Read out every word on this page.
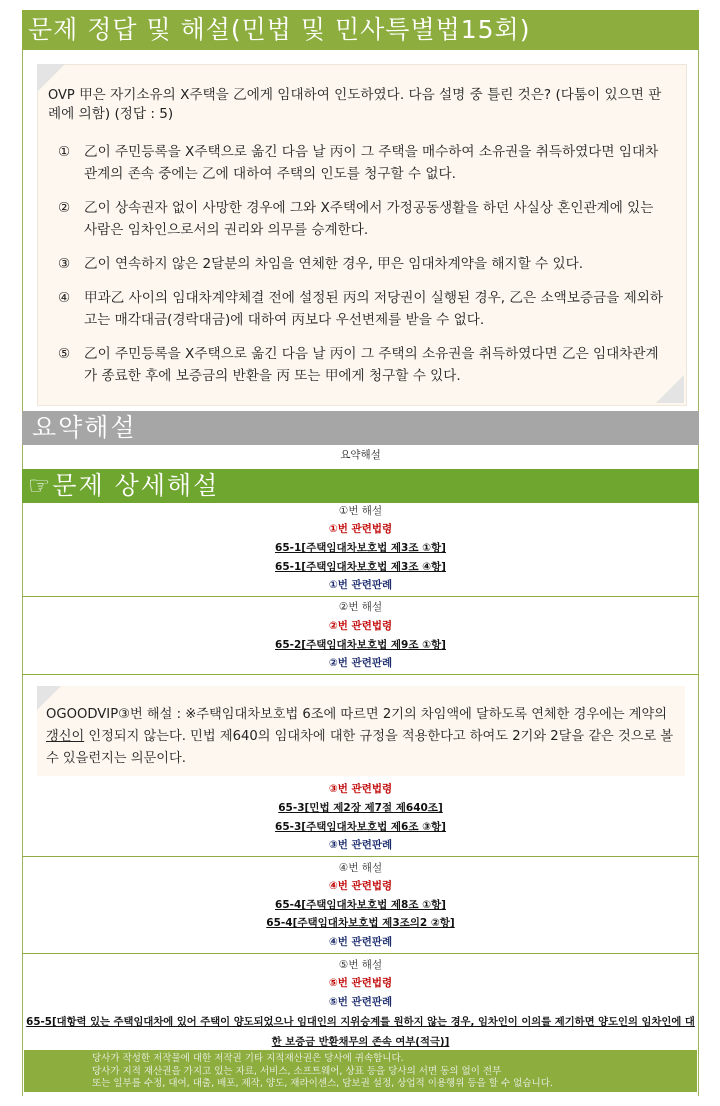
문제 정답 및 해설(민법 및 민사특별법15회)
OVP 甲은 자기소유의 X주택을 乙에게 임대하여 인도하였다. 다음 설명 중 틀린 것은? (다툼이 있으면 판례에 의함) (정답 : 5)
① 乙이 주민등록을 X주택으로 옮긴 다음 날 丙이 그 주택을 매수하여 소유권을 취득하였다면 임대차관계의 존속 중에는 乙에 대하여 주택의 인도를 청구할 수 없다.
② 乙이 상속권자 없이 사망한 경우에 그와 X주택에서 가정공동생활을 하던 사실상 혼인관계에 있는 사람은 임차인으로서의 권리와 의무를 승계한다.
③ 乙이 연속하지 않은 2달분의 차임을 연체한 경우, 甲은 임대차계약을 해지할 수 있다.
④ 甲과乙 사이의 임대차계약체결 전에 설정된 丙의 저당권이 실행된 경우, 乙은 소액보증금을 제외하고는 매각대금(경락대금)에 대하여 丙보다 우선변제를 받을 수 없다.
⑤ 乙이 주민등록을 X주택으로 옮긴 다음 날 丙이 그 주택의 소유권을 취득하였다면 乙은 임대차관계가 종료한 후에 보증금의 반환을 丙 또는 甲에게 청구할 수 있다.
요약해설
요약해설
☞문제 상세해설
①번 해설
①번 관련법령
65-1[주택임대차보호법 제3조 ①항]
65-1[주택임대차보호법 제3조 ④항]
①번 관련판례
②번 해설
②번 관련법령
65-2[주택임대차보호법 제9조 ①항]
②번 관련판례
OGOODVIP③번 해설 : ※주택임대차보호법 6조에 따르면 2기의 차임액에 달하도록 연체한 경우에는 계약의 갱신이 인정되지 않는다. 민법 제640의 임대차에 대한 규정을 적용한다고 하여도 2기와 2달을 같은 것으로 볼 수 있을런지는 의문이다.
③번 관련법령
65-3[민법 제2장 제7절 제640조]
65-3[주택임대차보호법 제6조 ③항]
③번 관련판례
④번 해설
④번 관련법령
65-4[주택임대차보호법 제8조 ①항]
65-4[주택임대차보호법 제3조의2 ②항]
④번 관련판례
⑤번 해설
⑤번 관련법령
⑤번 관련판례
65-5[대항력 있는 주택임대차에 있어 주택이 양도되었으나 임대인의 지위승계를 원하지 않는 경우, 임차인이 이의를 제기하면 양도인의 임차인에 대한 보증금 반환채무의 존속 여부(적극)]
당사가 작성한 저작물에 대한 저작권 기타 지적재산권은 당사에 귀속합니다.
당사가 지적 재산권을 가지고 있는 자료, 서비스, 소프트웨어, 상표 등을 당사의 서면 동의 없이 전부
또는 일부를 수정, 대여, 대출, 배포, 제작, 양도, 재라이센스, 담보권 설정, 상업적 이용행위 등을 할 수 없습니다.
